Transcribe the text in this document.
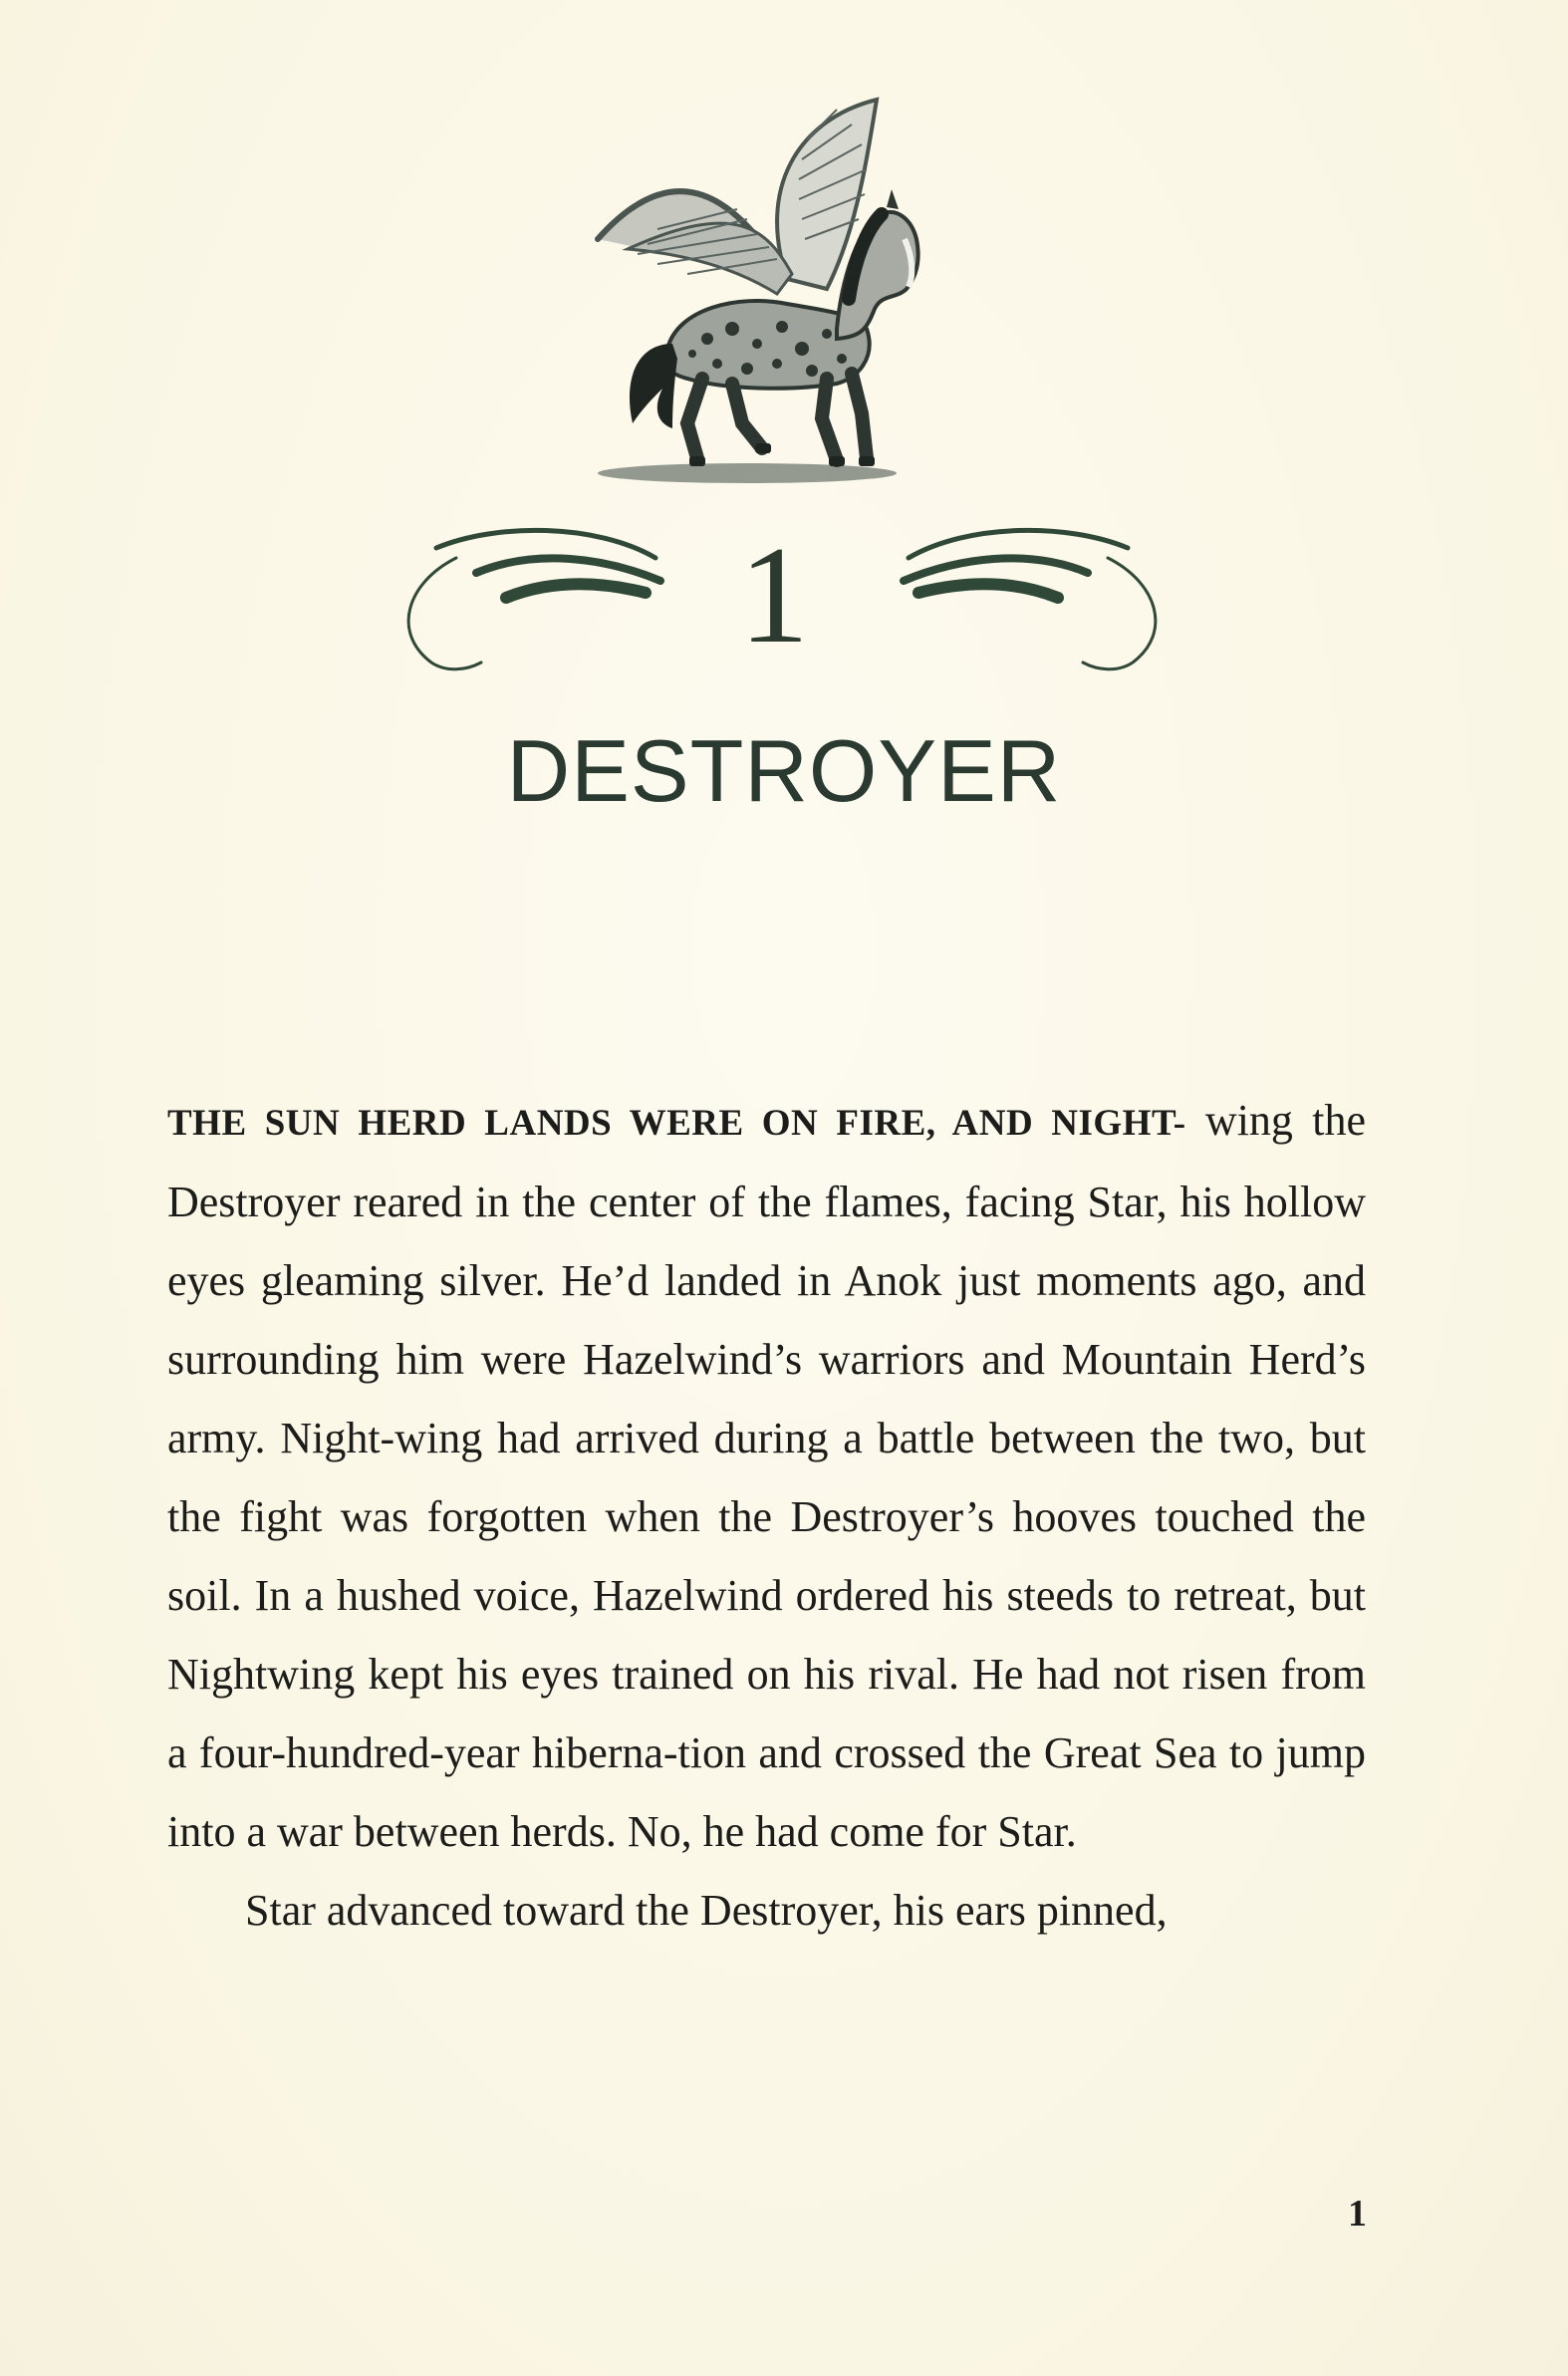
1
DESTROYER

THE SUN HERD LANDS WERE ON FIRE, AND NIGHT- wing the Destroyer reared in the center of the flames, facing Star, his hollow eyes gleaming silver. He’d landed in Anok just moments ago, and surrounding him were Hazelwind’s warriors and Mountain Herd’s army. Night-wing had arrived during a battle between the two, but the fight was forgotten when the Destroyer’s hooves touched the soil. In a hushed voice, Hazelwind ordered his steeds to retreat, but Nightwing kept his eyes trained on his rival. He had not risen from a four-hundred-year hiberna-tion and crossed the Great Sea to jump into a war between herds. No, he had come for Star.

Star advanced toward the Destroyer, his ears pinned,

1
